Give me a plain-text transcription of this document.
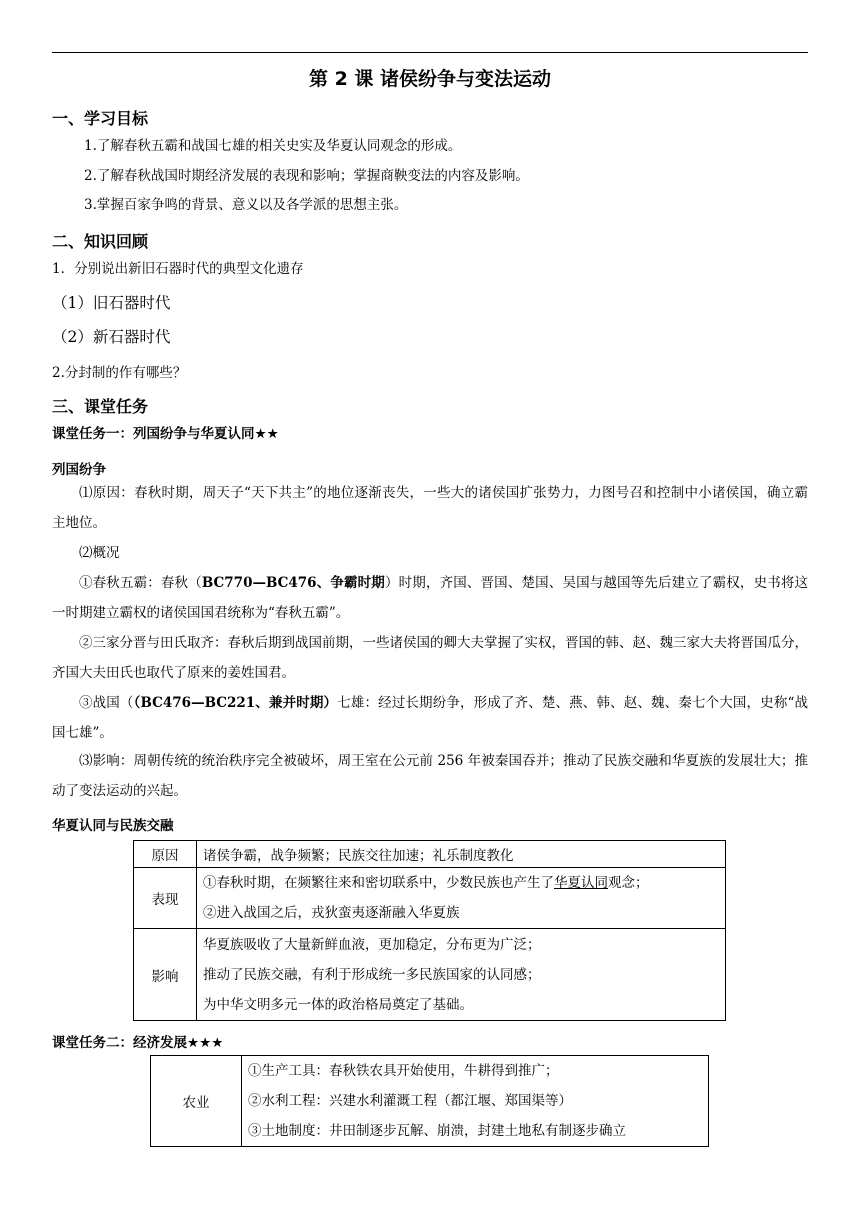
第 2 课 诸侯纷争与变法运动
一、学习目标
1.了解春秋五霸和战国七雄的相关史实及华夏认同观念的形成。
2.了解春秋战国时期经济发展的表现和影响；掌握商鞅变法的内容及影响。
3.掌握百家争鸣的背景、意义以及各学派的思想主张。
二、知识回顾
1．分别说出新旧石器时代的典型文化遗存
（1）旧石器时代
（2）新石器时代
2.分封制的作有哪些？
三、课堂任务
课堂任务一：列国纷争与华夏认同★★
列国纷争
⑴原因：春秋时期，周天子“天下共主”的地位逐渐丧失，一些大的诸侯国扩张势力，力图号召和控制中小诸侯国，确立霸主地位。
⑵概况
①春秋五霸：春秋（BC770—BC476、争霸时期）时期，齐国、晋国、楚国、吴国与越国等先后建立了霸权，史书将这一时期建立霸权的诸侯国国君统称为“春秋五霸”。
②三家分晋与田氏取齐：春秋后期到战国前期，一些诸侯国的卿大夫掌握了实权，晋国的韩、赵、魏三家大夫将晋国瓜分，齐国大夫田氏也取代了原来的姜姓国君。
③战国（（BC476—BC221、兼并时期）七雄：经过长期纷争，形成了齐、楚、燕、韩、赵、魏、秦七个大国，史称“战国七雄”。
⑶影响：周朝传统的统治秩序完全被破坏，周王室在公元前 256 年被秦国吞并；推动了民族交融和华夏族的发展壮大；推动了变法运动的兴起。
华夏认同与民族交融
原因	诸侯争霸，战争频繁；民族交往加速；礼乐制度教化
表现	①春秋时期，在频繁往来和密切联系中，少数民族也产生了华夏认同观念；
②进入战国之后，戎狄蛮夷逐渐融入华夏族

影响	华夏族吸收了大量新鲜血液，更加稳定，分布更为广泛；
推动了民族交融，有利于形成统一多民族国家的认同感；
为中华文明多元一体的政治格局奠定了基础。
课堂任务二：经济发展★★★
农业	
①生产工具：春秋铁农具开始使用，牛耕得到推广；
②水利工程：兴建水利灌溉工程（都江堰、郑国渠等）
③土地制度：井田制逐步瓦解、崩溃，封建土地私有制逐步确立
